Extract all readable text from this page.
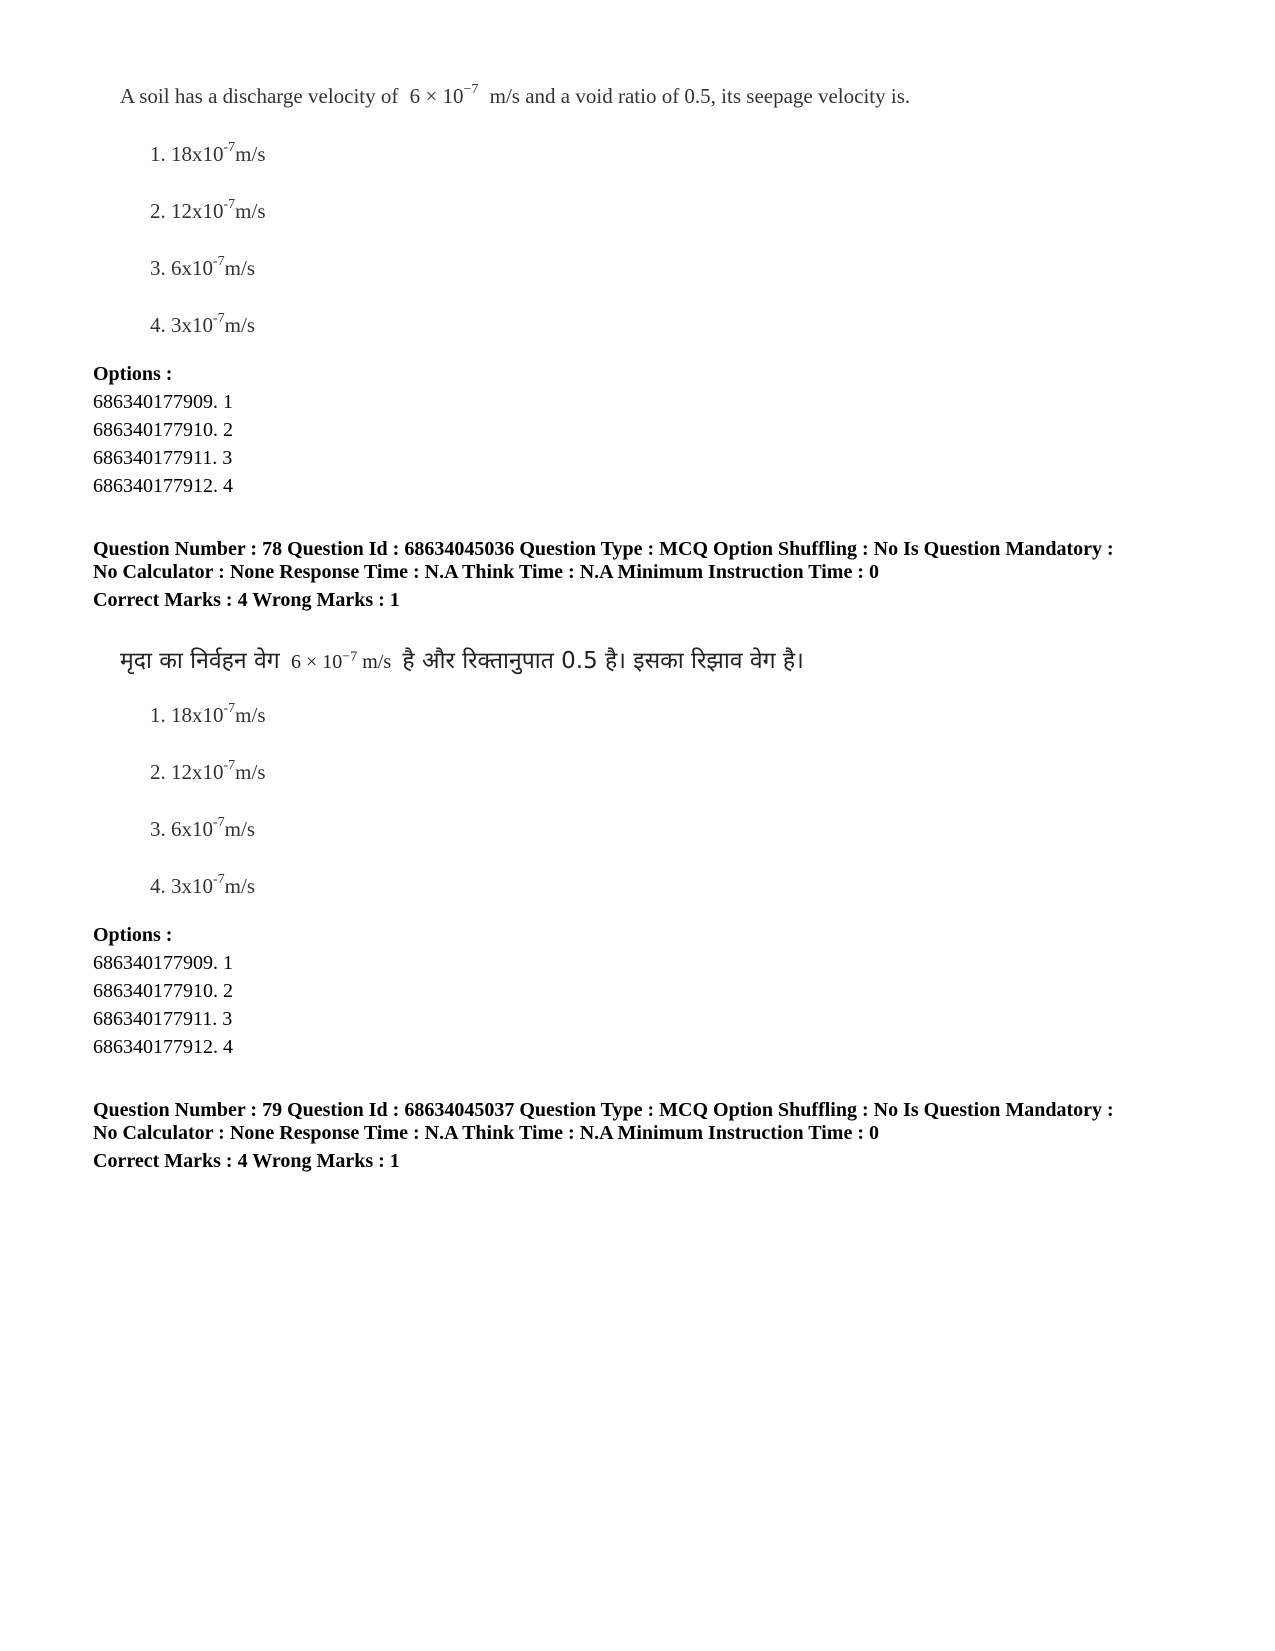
A soil has a discharge velocity of $6 \times 10^{-7}$ m/s and a void ratio of 0.5, its seepage velocity is.
1. $18x10^{-7}m/s$
2. $12x10^{-7}m/s$
3. $6x10^{-7}m/s$
4. $3x10^{-7}m/s$
Options :
686340177909. 1
686340177910. 2
686340177911. 3
686340177912. 4
Question Number : 78 Question Id : 68634045036 Question Type : MCQ Option Shuffling : No Is Question Mandatory :
No Calculator : None Response Time : N.A Think Time : N.A Minimum Instruction Time : 0
Correct Marks : 4 Wrong Marks : 1
मृदा का निर्वहन वेग $6 \times 10^{-7}$ m/s है और रिक्तानुपात 0.5 है। इसका रिझाव वेग है।
1. $18x10^{-7}m/s$
2. $12x10^{-7}m/s$
3. $6x10^{-7}m/s$
4. $3x10^{-7}m/s$
Options :
686340177909. 1
686340177910. 2
686340177911. 3
686340177912. 4
Question Number : 79 Question Id : 68634045037 Question Type : MCQ Option Shuffling : No Is Question Mandatory :
No Calculator : None Response Time : N.A Think Time : N.A Minimum Instruction Time : 0
Correct Marks : 4 Wrong Marks : 1
